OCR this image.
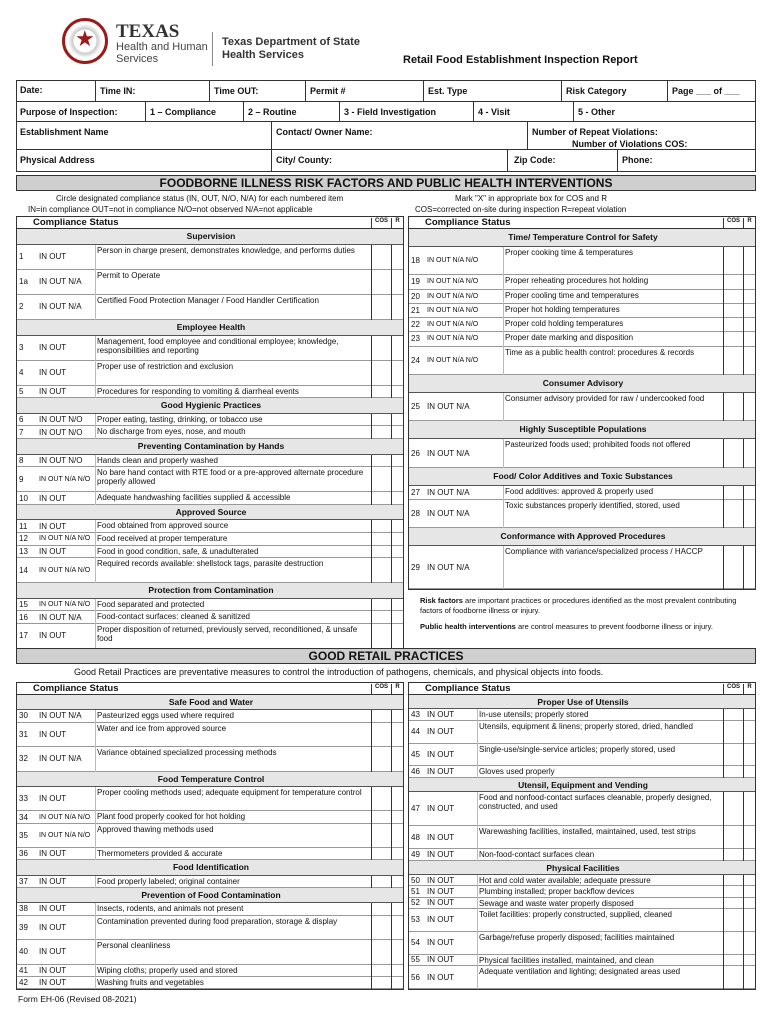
★
TEXAS
Health and Human Services
Texas Department of State Health Services	Retail Food Establishment Inspection Report
Date:	Time IN:	Time OUT:	Permit #	Est. Type	Risk Category	Page ___ of ___
Purpose of Inspection:	1 – Compliance	2 – Routine	3 - Field Investigation	4 - Visit	5 - Other
Establishment Name	Contact/ Owner Name:	Number of Repeat Violations:
Number of Violations COS:
Physical Address	City/ County:	Zip Code:	Phone:
FOODBORNE ILLNESS RISK FACTORS AND PUBLIC HEALTH INTERVENTIONS
Circle designated compliance status (IN, OUT, N/O, N/A) for each numbered item
IN=in compliance OUT=not in compliance N/O=not observed N/A=not applicable
Mark "X" in appropriate box for COS and R
COS=corrected on-site during inspection R=repeat violation
Compliance Status	COS	R
Supervision
1	IN OUT
Person in charge present, demonstrates knowledge, and performs duties
1a	IN OUT N/A
Permit to Operate
2	IN OUT N/A
Certified Food Protection Manager / Food Handler Certification
Employee Health
3	IN OUT
Management, food employee and conditional employee; knowledge, responsibilities and reporting
4	IN OUT
Proper use of restriction and exclusion
5	IN OUT	Procedures for responding to vomiting & diarrheal events
Good Hygienic Practices
6	IN OUT N/O	Proper eating, tasting, drinking, or tobacco use
7	IN OUT N/O	No discharge from eyes, nose, and mouth
Preventing Contamination by Hands
8	IN OUT N/O	Hands clean and properly washed
9	IN OUT N/A N/O
No bare hand contact with RTE food or a pre-approved alternate procedure properly allowed
10	IN OUT	Adequate handwashing facilities supplied & accessible
Approved Source
11	IN OUT	Food obtained from approved source
12	IN OUT N/A N/O Food received at proper temperature
13	IN OUT	Food in good condition, safe, & unadulterated
14	IN OUT N/A N/O
Required records available: shellstock tags, parasite destruction
Protection from Contamination
15	IN OUT N/A N/O Food separated and protected
16	IN OUT N/A	Food-contact surfaces: cleaned & sanitized
17	IN OUT
Proper disposition of returned, previously served, reconditioned, & unsafe food
Compliance Status	COS	R
Time/ Temperature Control for Safety
18	IN OUT N/A N/O
Proper cooking time & temperatures
19	IN OUT N/A N/O	Proper reheating procedures hot holding
20	IN OUT N/A N/O	Proper cooling time and temperatures
21	IN OUT N/A N/O	Proper hot holding temperatures
22	IN OUT N/A N/O	Proper cold holding temperatures
23	IN OUT N/A N/O	Proper date marking and disposition
24	IN OUT N/A N/O
Time as a public health control: procedures & records
Consumer Advisory
25 IN OUT N/A
Consumer advisory provided for raw / undercooked food
Highly Susceptible Populations
26 IN OUT N/A
Pasteurized foods used; prohibited foods not offered
Food/ Color Additives and Toxic Substances
27 IN OUT N/A	Food additives: approved & properly used
28 IN OUT N/A
Toxic substances properly identified, stored, used
Conformance with Approved Procedures
29 IN OUT N/A
Compliance with variance/specialized process / HACCP
Risk factors are important practices or procedures identified as the most prevalent contributing factors of foodborne illness or injury.
Public health interventions are control measures to prevent foodborne illness or injury.
GOOD RETAIL PRACTICES
Good Retail Practices are preventative measures to control the introduction of pathogens, chemicals, and physical objects into foods.
Compliance Status	COS	R
Safe Food and Water
30	IN OUT N/A	Pasteurized eggs used where required
31	IN OUT
Water and ice from approved source
32	IN OUT N/A
Variance obtained specialized processing methods
Food Temperature Control
33	IN OUT
Proper cooling methods used; adequate equipment for temperature control
34	IN OUT N/A N/O Plant food properly cooked for hot holding
35	IN OUT N/A N/O
Approved thawing methods used
36	IN OUT	Thermometers provided & accurate
Food Identification
37	IN OUT	Food properly labeled; original container
Prevention of Food Contamination
38	IN OUT	Insects, rodents, and animals not present
39	IN OUT
Contamination prevented during food preparation, storage & display
40	IN OUT
Personal cleanliness
41	IN OUT	Wiping cloths; properly used and stored
42	IN OUT	Washing fruits and vegetables
Compliance Status	COS	R
Proper Use of Utensils
43 IN OUT	In-use utensils; properly stored
44 IN OUT
Utensils, equipment & linens; properly stored, dried, handled
45 IN OUT
Single-use/single-service articles; properly stored, used
46 IN OUT	Gloves used properly
Utensil, Equipment and Vending
47 IN OUT
Food and nonfood-contact surfaces cleanable, properly designed, constructed, and used
48 IN OUT
Warewashing facilities, installed, maintained, used, test strips
49 IN OUT	Non-food-contact surfaces clean
Physical Facilities
50 IN OUT	Hot and cold water available; adequate pressure
51 IN OUT	Plumbing installed; proper backflow devices
52 IN OUT	Sewage and waste water properly disposed
53 IN OUT
Toilet facilities: properly constructed, supplied, cleaned
54 IN OUT
Garbage/refuse properly disposed; facilities maintained
55 IN OUT	Physical facilities installed, maintained, and clean
56 IN OUT
Adequate ventilation and lighting; designated areas used
Form EH-06 (Revised 08-2021)
